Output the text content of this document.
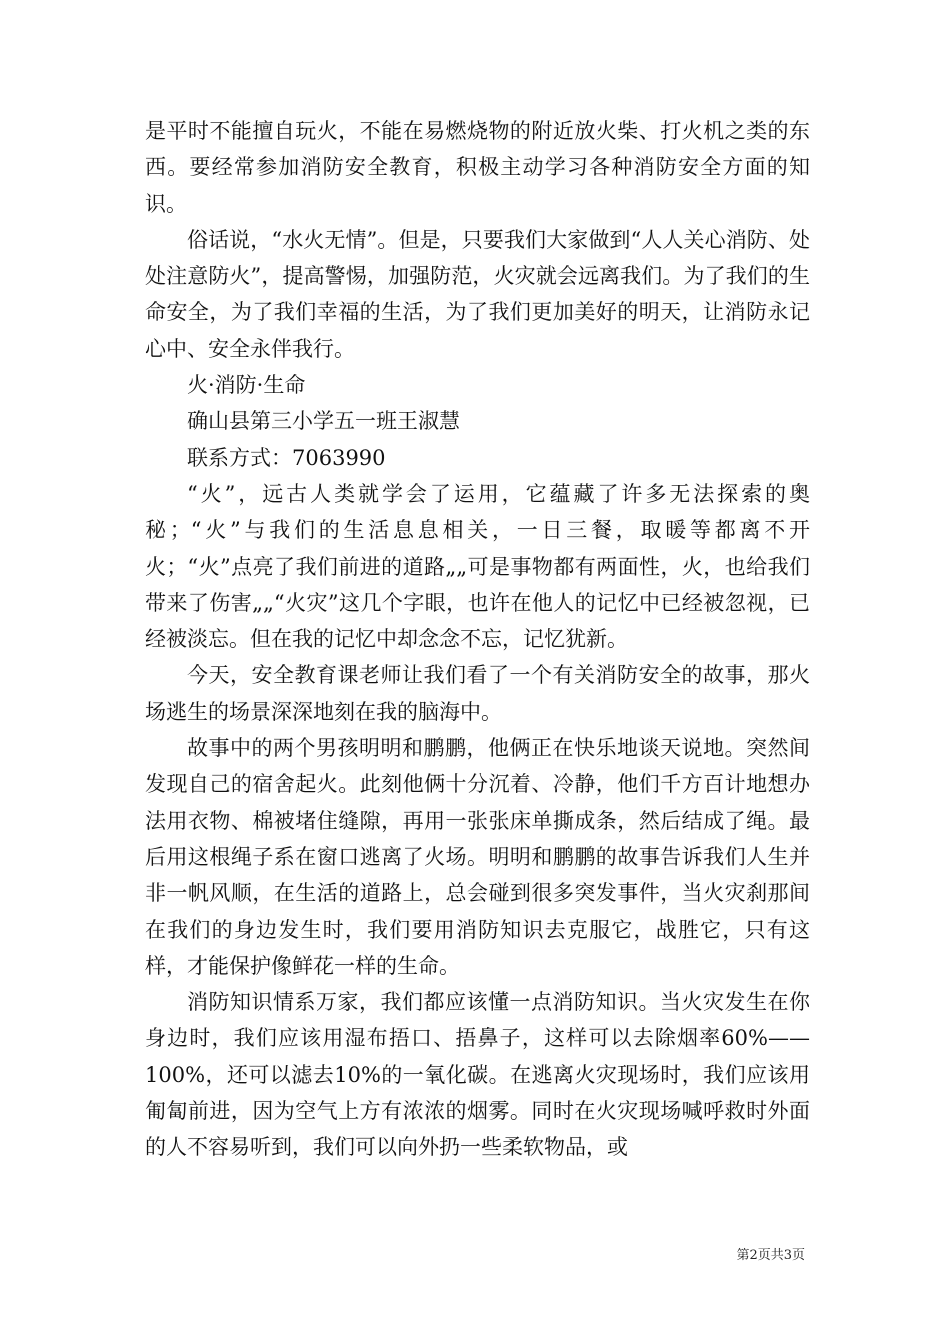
是平时不能擅自玩火，不能在易燃烧物的附近放火柴、打火机之类的东西。要经常参加消防安全教育，积极主动学习各种消防安全方面的知识。

俗话说，“水火无情”。但是，只要我们大家做到“人人关心消防、处处注意防火”，提高警惕，加强防范，火灾就会远离我们。为了我们的生命安全，为了我们幸福的生活，为了我们更加美好的明天，让消防永记心中、安全永伴我行。

火·消防·生命

确山县第三小学五一班王淑慧

联系方式：7063990

“火”，远古人类就学会了运用，它蕴藏了许多无法探索的奥秘；“火”与我们的生活息息相关，一日三餐，取暖等都离不开火；“火”点亮了我们前进的道路„„可是事物都有两面性，火，也给我们带来了伤害„„“火灾”这几个字眼，也许在他人的记忆中已经被忽视，已经被淡忘。但在我的记忆中却念念不忘，记忆犹新。

今天，安全教育课老师让我们看了一个有关消防安全的故事，那火场逃生的场景深深地刻在我的脑海中。

故事中的两个男孩明明和鹏鹏，他俩正在快乐地谈天说地。突然间发现自己的宿舍起火。此刻他俩十分沉着、冷静，他们千方百计地想办法用衣物、棉被堵住缝隙，再用一张张床单撕成条，然后结成了绳。最后用这根绳子系在窗口逃离了火场。明明和鹏鹏的故事告诉我们人生并非一帆风顺，在生活的道路上，总会碰到很多突发事件，当火灾刹那间在我们的身边发生时，我们要用消防知识去克服它，战胜它，只有这样，才能保护像鲜花一样的生命。

消防知识情系万家，我们都应该懂一点消防知识。当火灾发生在你身边时，我们应该用湿布捂口、捂鼻子，这样可以去除烟率60%——100%，还可以滤去10%的一氧化碳。在逃离火灾现场时，我们应该用匍匐前进，因为空气上方有浓浓的烟雾。同时在火灾现场喊呼救时外面的人不容易听到，我们可以向外扔一些柔软物品，或

第2页共3页
